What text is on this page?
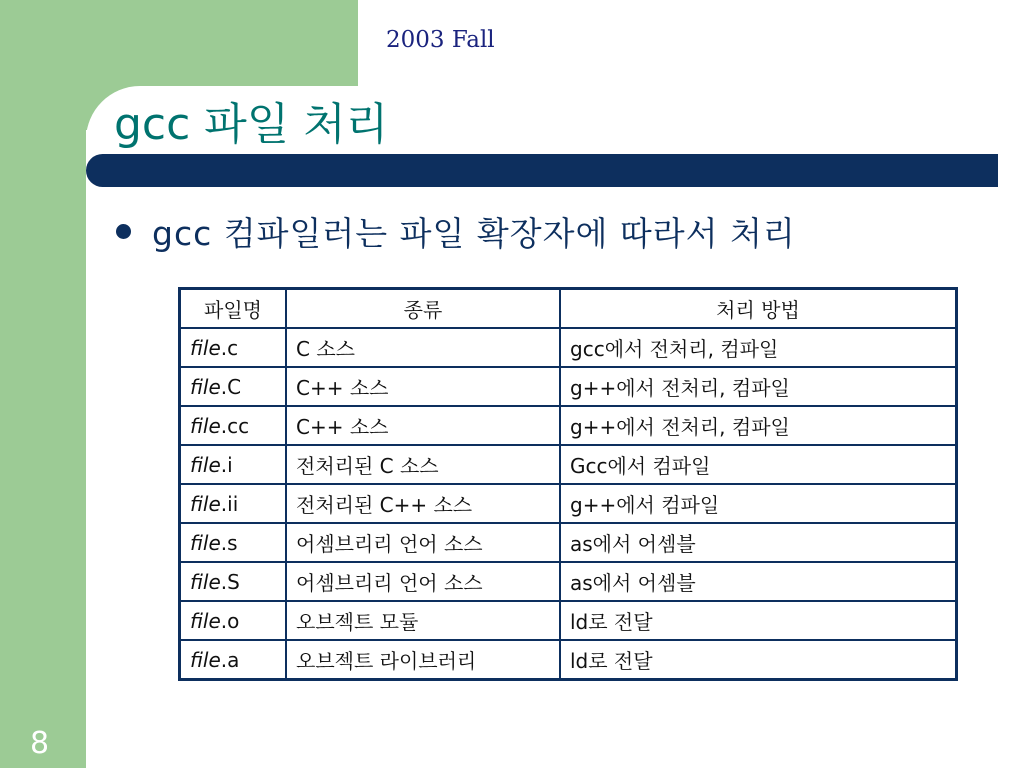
2003 Fall
gcc 파일 처리
gcc 컴파일러는 파일 확장자에 따라서 처리
파일명	종류	처리 방법
file.c	C 소스	gcc에서 전처리, 컴파일
file.C	C++ 소스	g++에서 전처리, 컴파일
file.cc	C++ 소스	g++에서 전처리, 컴파일
file.i	전처리된 C 소스	Gcc에서 컴파일
file.ii	전처리된 C++ 소스	g++에서 컴파일
file.s	어셈브리리 언어 소스	as에서 어셈블
file.S	어셈브리리 언어 소스	as에서 어셈블
file.o	오브젝트 모듈	ld로 전달
file.a	오브젝트 라이브러리	ld로 전달
8
